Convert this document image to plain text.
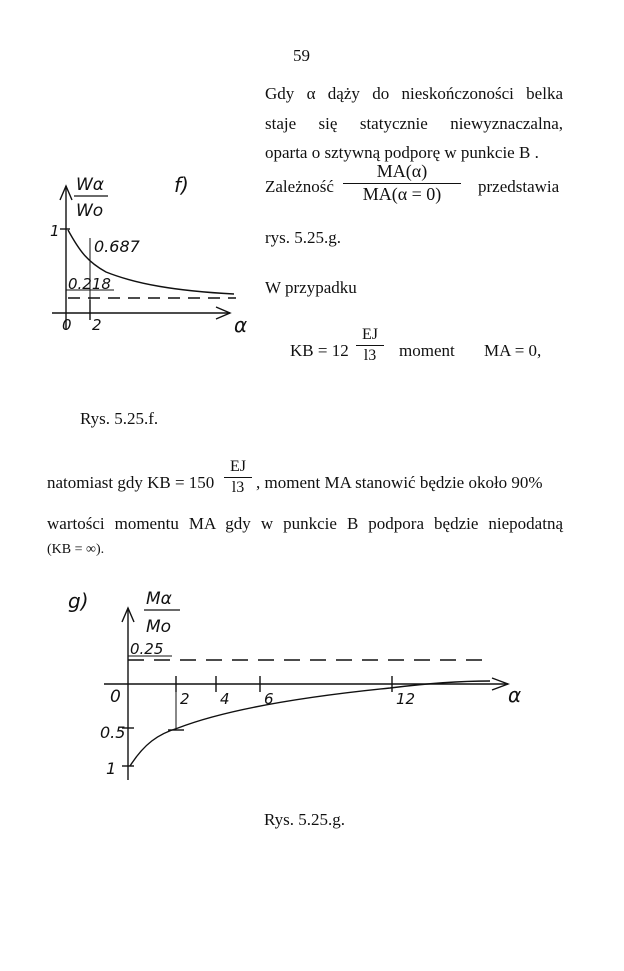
59
Gdy α dąży do nieskończoności belka
staje się statycznie niewyznaczalna,
oparta o sztywną podporę w punkcie B .
Zależność
MA(α)
MA(α = 0)	przedstawia
rys. 5.25.g.
W przypadku
KB = 12
EJ
l3 moment MA = 0,
Wα
Wo
f)
1
0.687
0.218
0 2	α
Rys. 5.25.f.
natomiast gdy KB = 150
EJ
l3 , moment MA stanowić będzie około 90%
wartości momentu MA gdy w punkcie B podpora będzie niepodatną
(KB = ∞).
g)	Mα
Mo
0.25
0
0.5
1
2 4 6	12	α
Rys. 5.25.g.
